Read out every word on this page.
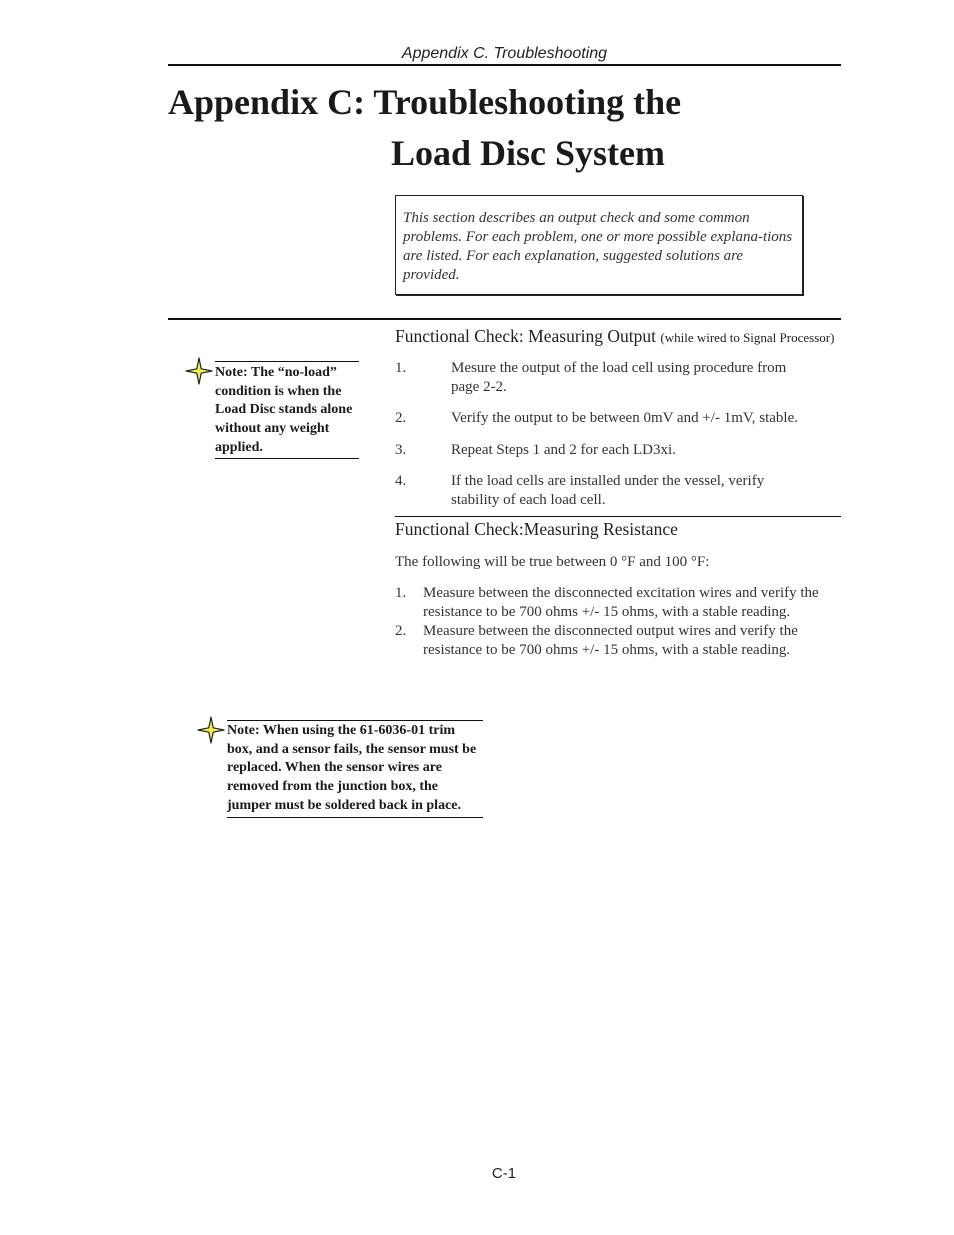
Appendix C. Troubleshooting
Appendix C: Troubleshooting the
Load Disc System
This section describes an output check and some common problems. For each problem, one or more possible explana-tions are listed. For each explanation, suggested solutions are provided.
Functional Check: Measuring Output (while wired to Signal Processor)
1.	Mesure the output of the load cell using procedure from page 2-2.
2.	Verify the output to be between 0mV and +/- 1mV, stable.
3.	Repeat Steps 1 and 2 for each LD3xi.
4.	If the load cells are installed under the vessel, verify stability of each load cell.
Functional Check:Measuring Resistance
The following will be true between 0 °F and 100 °F:
1. Measure between the disconnected excitation wires and verify the resistance to be 700 ohms +/- 15 ohms, with a stable reading.
2. Measure between the disconnected output wires and verify the resistance to be 700 ohms +/- 15 ohms, with a stable reading.
Note: The “no-load” condition is when the Load Disc stands alone without any weight applied.
Note: When using the 61-6036-01 trim box, and a sensor fails, the sensor must be replaced. When the sensor wires are removed from the junction box, the jumper must be soldered back in place.
C-1
